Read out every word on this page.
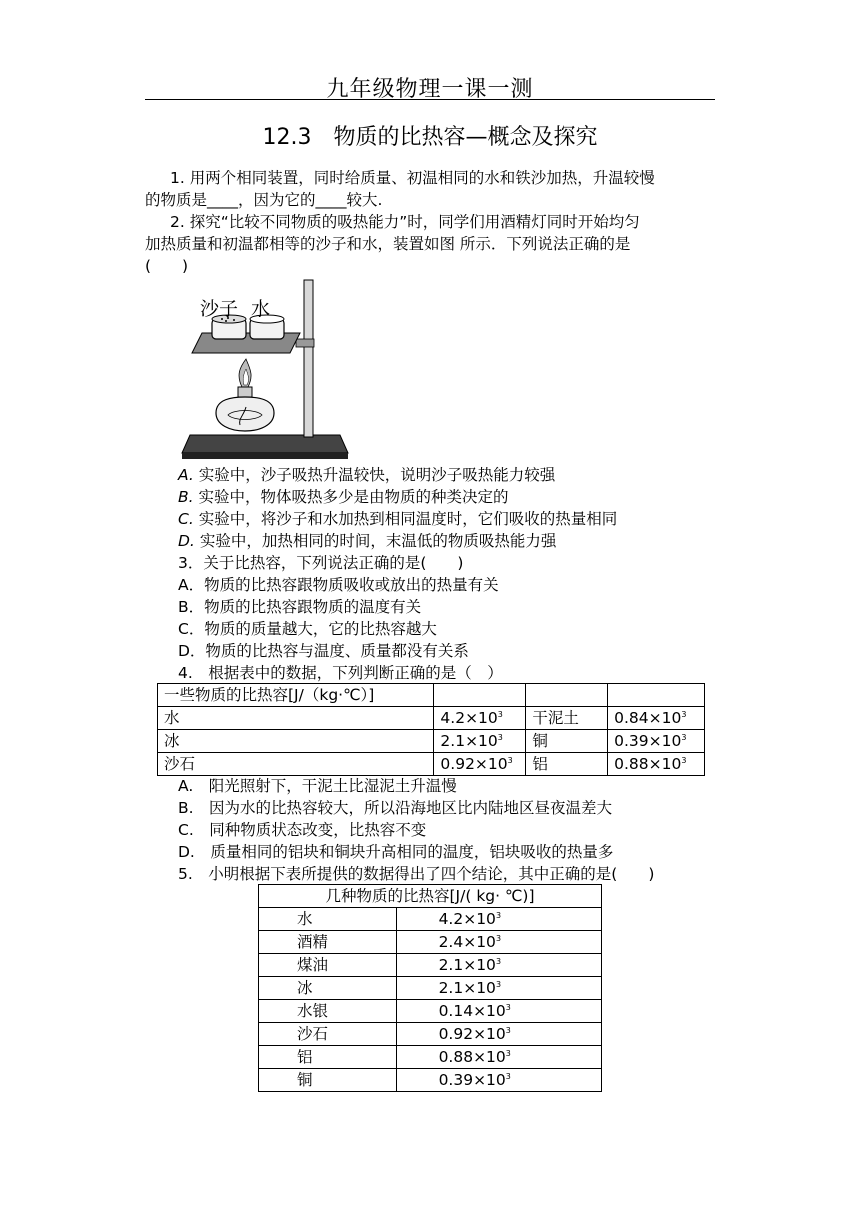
九年级物理一课一测
12.3　物质的比热容—概念及探究
1. 用两个相同装置，同时给质量、初温相同的水和铁沙加热，升温较慢
的物质是____，因为它的____较大.
2. 探究“比较不同物质的吸热能力”时，同学们用酒精灯同时开始均匀
加热质量和初温都相等的沙子和水，装置如图 所示．下列说法正确的是
(　　)
沙子 水
A. 实验中，沙子吸热升温较快，说明沙子吸热能力较强
B. 实验中，物体吸热多少是由物质的种类决定的
C. 实验中，将沙子和水加热到相同温度时，它们吸收的热量相同
D. 实验中，加热相同的时间，末温低的物质吸热能力强
3．关于比热容，下列说法正确的是(　　)
A．物质的比热容跟物质吸收或放出的热量有关
B．物质的比热容跟物质的温度有关
C．物质的质量越大，它的比热容越大
D．物质的比热容与温度、质量都没有关系
4.　根据表中的数据，下列判断正确的是（　）
一些物质的比热容[J/（kg·℃）]			
水	$4.2\times 10^3$	干泥土	$0.84\times 10^3$
冰	$2.1\times 10^3$	铜	$0.39\times 10^3$
沙石	$0.92\times 10^3$	铝	$0.88\times 10^3$
A.　阳光照射下，干泥土比湿泥土升温慢
B.　因为水的比热容较大，所以沿海地区比内陆地区昼夜温差大
C.　同种物质状态改变，比热容不变
D.　质量相同的铝块和铜块升高相同的温度，铝块吸收的热量多
5.　小明根据下表所提供的数据得出了四个结论，其中正确的是(　　)
几种物质的比热容[J/( kg· ℃)]	
水	$4.2\times 10^3$
酒精	$2.4\times 10^3$
煤油	$2.1\times 10^3$
冰	$2.1\times 10^3$
水银	$0.14\times 10^3$
沙石	$0.92\times 10^3$
铝	$0.88\times 10^3$
铜	$0.39\times 10^3$
